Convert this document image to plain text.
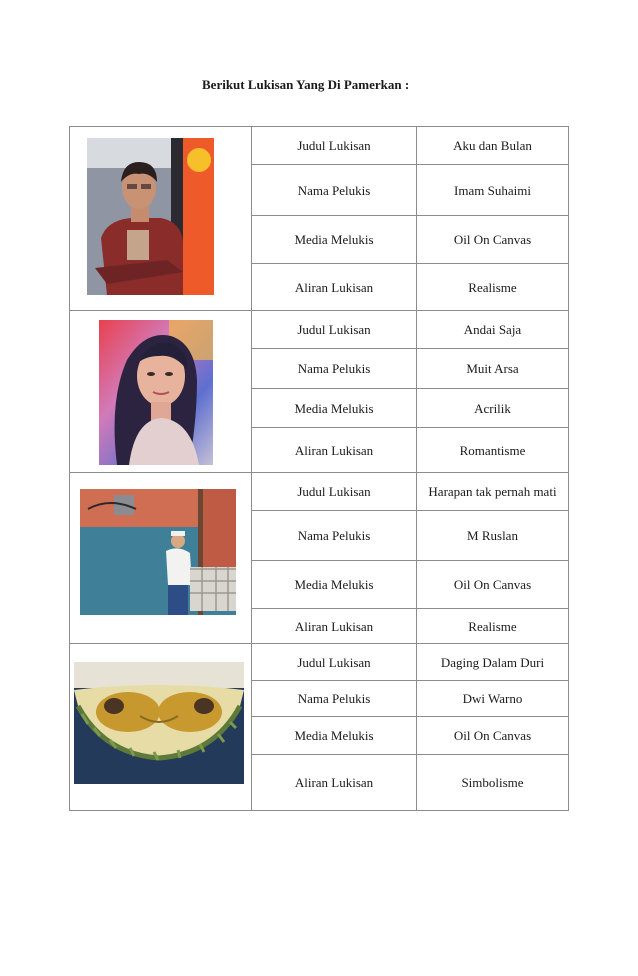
Berikut Lukisan Yang Di Pamerkan :
	Judul Lukisan	Aku dan Bulan
	Nama Pelukis	Imam Suhaimi
	Media Melukis	Oil On Canvas
	Aliran Lukisan	Realisme

	Judul Lukisan	Andai Saja
	Nama Pelukis	Muit Arsa
	Media Melukis	Acrilik
	Aliran Lukisan	Romantisme

	Judul Lukisan	Harapan tak pernah mati
	Nama Pelukis	M Ruslan
	Media Melukis	Oil On Canvas
	Aliran Lukisan	Realisme

	Judul Lukisan	Daging Dalam Duri
	Nama Pelukis	Dwi Warno
	Media Melukis	Oil On Canvas
	Aliran Lukisan	Simbolisme
